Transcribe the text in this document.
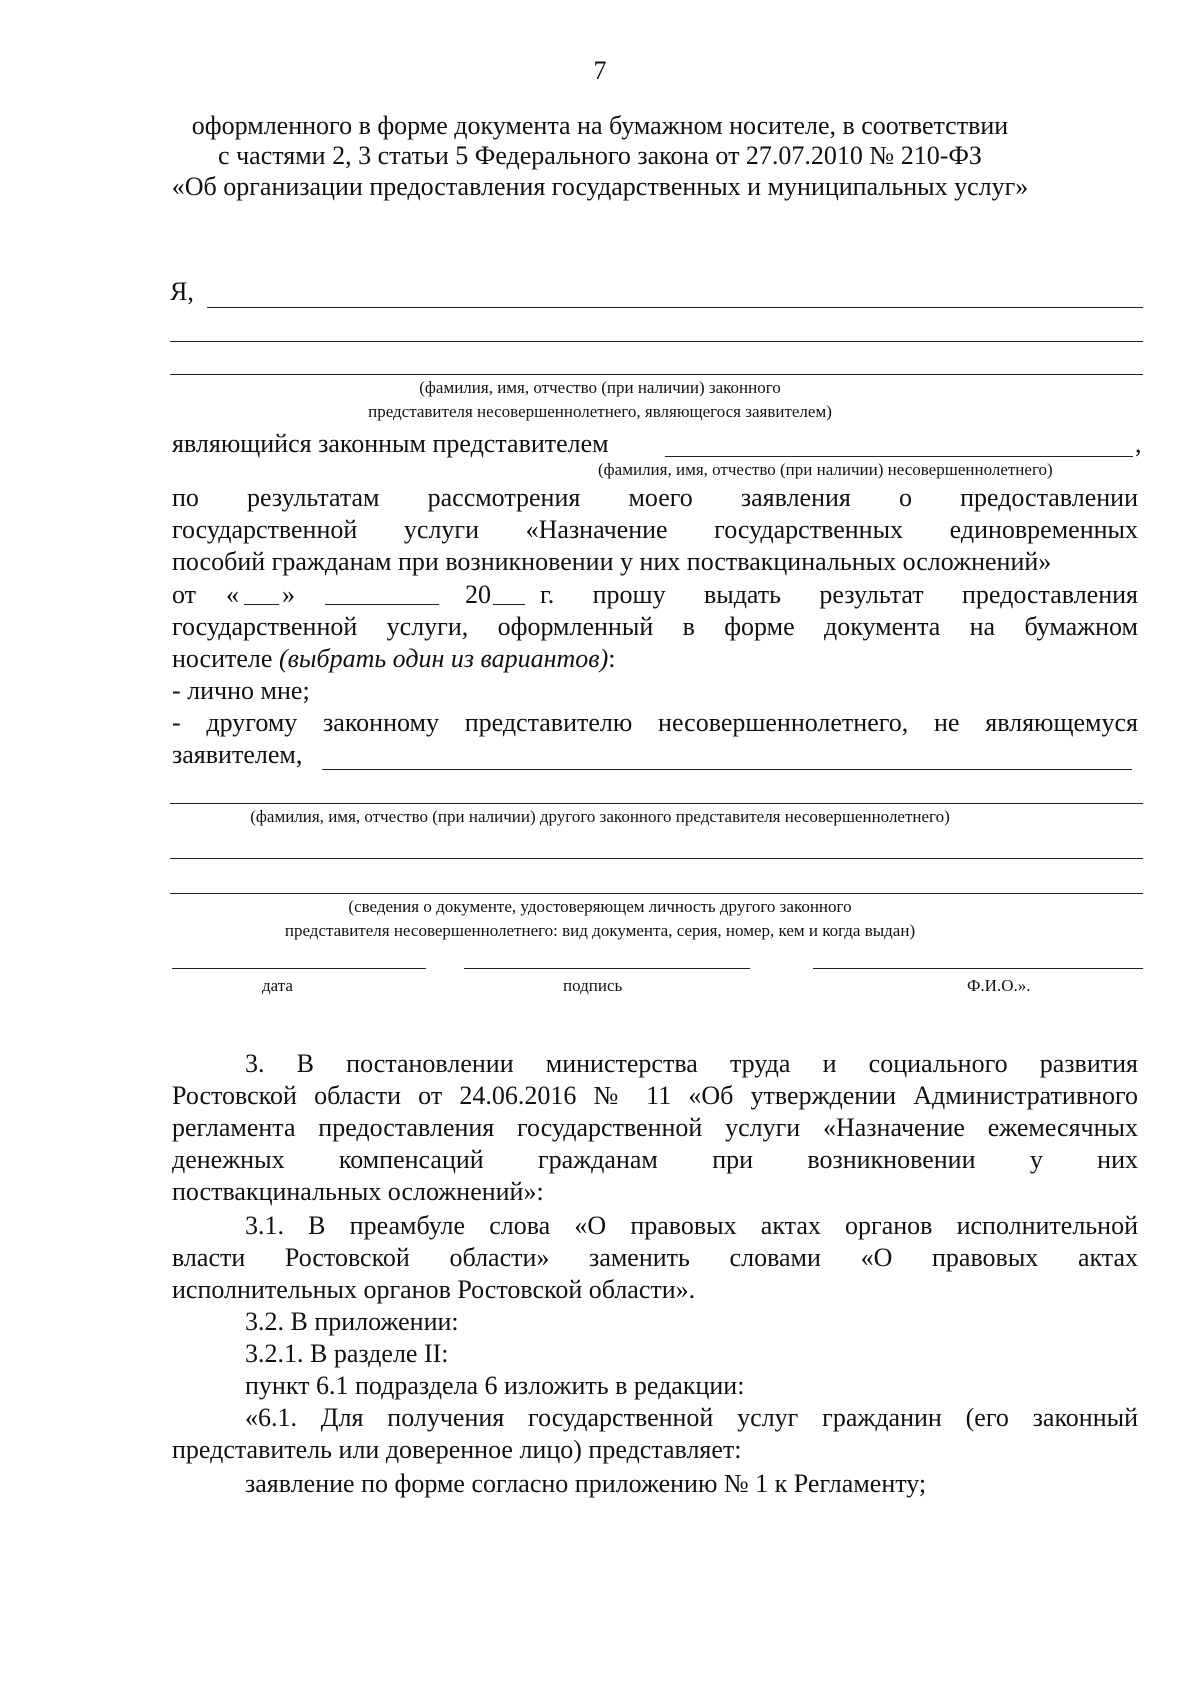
7
оформленного в форме документа на бумажном носителе, в соответствии
с частями 2, 3 статьи 5 Федерального закона от 27.07.2010 № 210-ФЗ
«Об организации предоставления государственных и муниципальных услуг»
Я,
(фамилия, имя, отчество (при наличии) законного
представителя несовершеннолетнего, являющегося заявителем)
являющийся законным представителем	,
(фамилия, имя, отчество (при наличии) несовершеннолетнего)
по результатам рассмотрения моего заявления о предоставлении
государственной услуги «Назначение государственных единовременных
пособий гражданам при возникновении у них поствакцинальных осложнений»
от « »	20 г. прошу выдать результат предоставления
государственной услуги, оформленный в форме документа на бумажном
носителе (выбрать один из вариантов):
- лично мне;
- другому законному представителю несовершеннолетнего, не являющемуся
заявителем,
(фамилия, имя, отчество (при наличии) другого законного представителя несовершеннолетнего)
(сведения о документе, удостоверяющем личность другого законного
представителя несовершеннолетнего: вид документа, серия, номер, кем и когда выдан)
дата	подпись	Ф.И.О.».
3. В постановлении министерства труда и социального развития
Ростовской области от 24.06.2016 № 11 «Об утверждении Административного
регламента предоставления государственной услуги «Назначение ежемесячных
денежных компенсаций гражданам при возникновении у них
поствакцинальных осложнений»:
3.1. В преамбуле слова «О правовых актах органов исполнительной
власти Ростовской области» заменить словами «О правовых актах
исполнительных органов Ростовской области».
3.2. В приложении:
3.2.1. В разделе II:
пункт 6.1 подраздела 6 изложить в редакции:
«6.1. Для получения государственной услуг гражданин (его законный
представитель или доверенное лицо) представляет:
заявление по форме согласно приложению № 1 к Регламенту;
